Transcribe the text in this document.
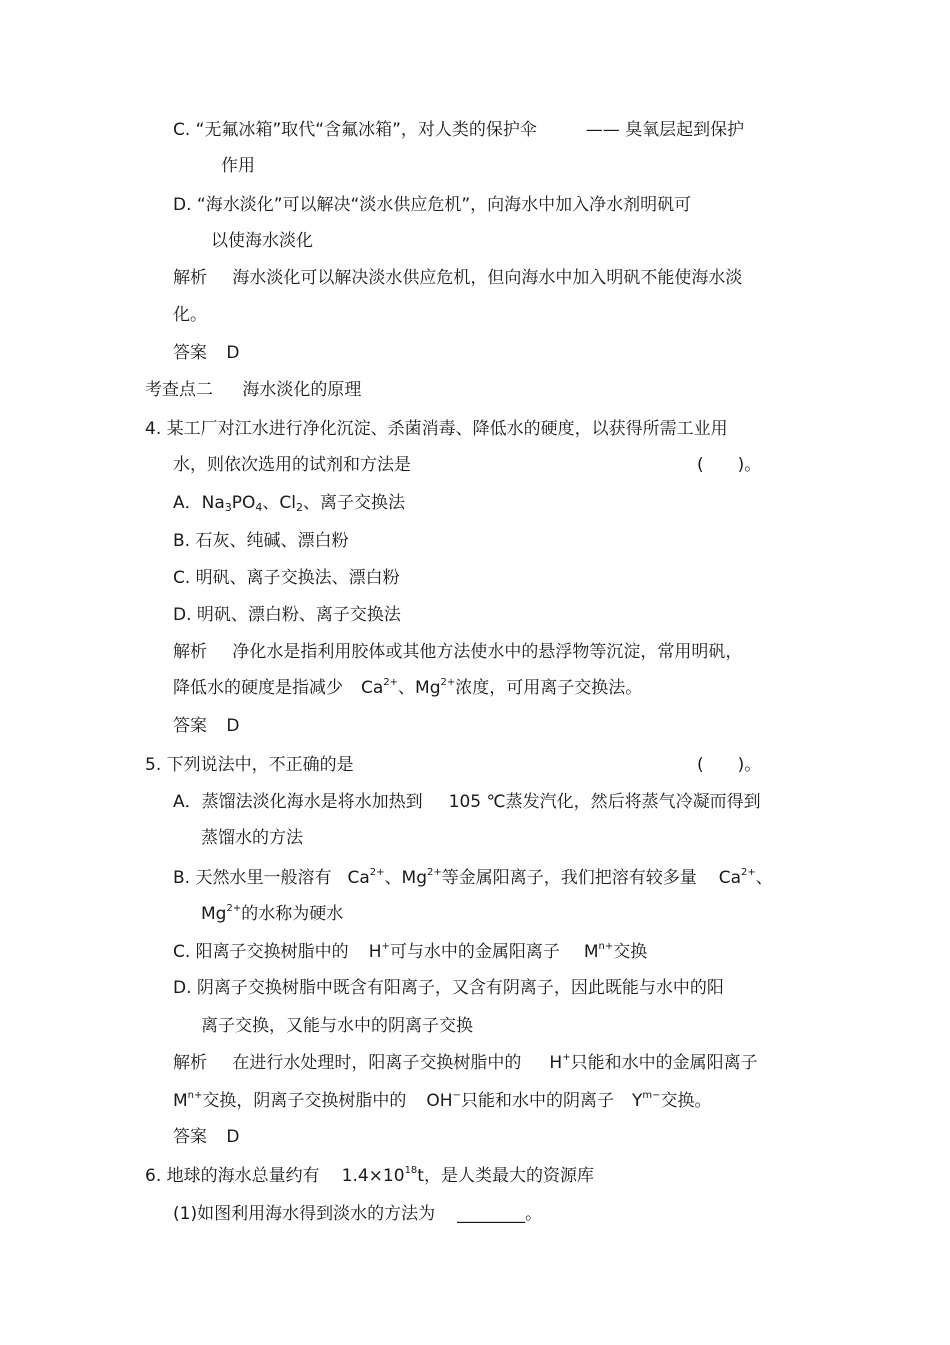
C. “无氟冰箱”取代“含氟冰箱”，对人类的保护伞	—— 臭氧层起到保护
作用
D. “海水淡化”可以解决“淡水供应危机”，向海水中加入净水剂明矾可
以使海水淡化
解析 海水淡化可以解决淡水供应危机，但向海水中加入明矾不能使海水淡
化。
答案 D
考查点二 海水淡化的原理
4. 某工厂对江水进行净化沉淀、杀菌消毒、降低水的硬度，以获得所需工业用
水，则依次选用的试剂和方法是	(　　)。
A．$Na_3PO_4$、$Cl_2$、离子交换法
B. 石灰、纯碱、漂白粉
C. 明矾、离子交换法、漂白粉
D. 明矾、漂白粉、离子交换法
解析 净化水是指利用胶体或其他方法使水中的悬浮物等沉淀，常用明矾，
降低水的硬度是指减少 $Ca^{2+}$、$Mg^{2+}$浓度，可用离子交换法。
答案 D
5. 下列说法中，不正确的是	(　　)。
A．蒸馏法淡化海水是将水加热到 105 ℃蒸发汽化，然后将蒸气冷凝而得到
蒸馏水的方法
B. 天然水里一般溶有 $Ca^{2+}$、$Mg^{2+}$等金属阳离子，我们把溶有较多量 $Ca^{2+}$、
$Mg^{2+}$的水称为硬水
C. 阳离子交换树脂中的 H+可与水中的金属阳离子 $M^{n+}$交换
D. 阴离子交换树脂中既含有阳离子，又含有阴离子，因此既能与水中的阳
离子交换，又能与水中的阴离子交换
解析 在进行水处理时，阳离子交换树脂中的 H+只能和水中的金属阳离子
$M^{n+}$交换，阴离子交换树脂中的 OH−只能和水中的阴离子 $Y^{m-}$交换。
答案 D
6. 地球的海水总量约有 $1.4\times 10^{18}t$，是人类最大的资源库
(1)如图利用海水得到淡水的方法为 ________。
